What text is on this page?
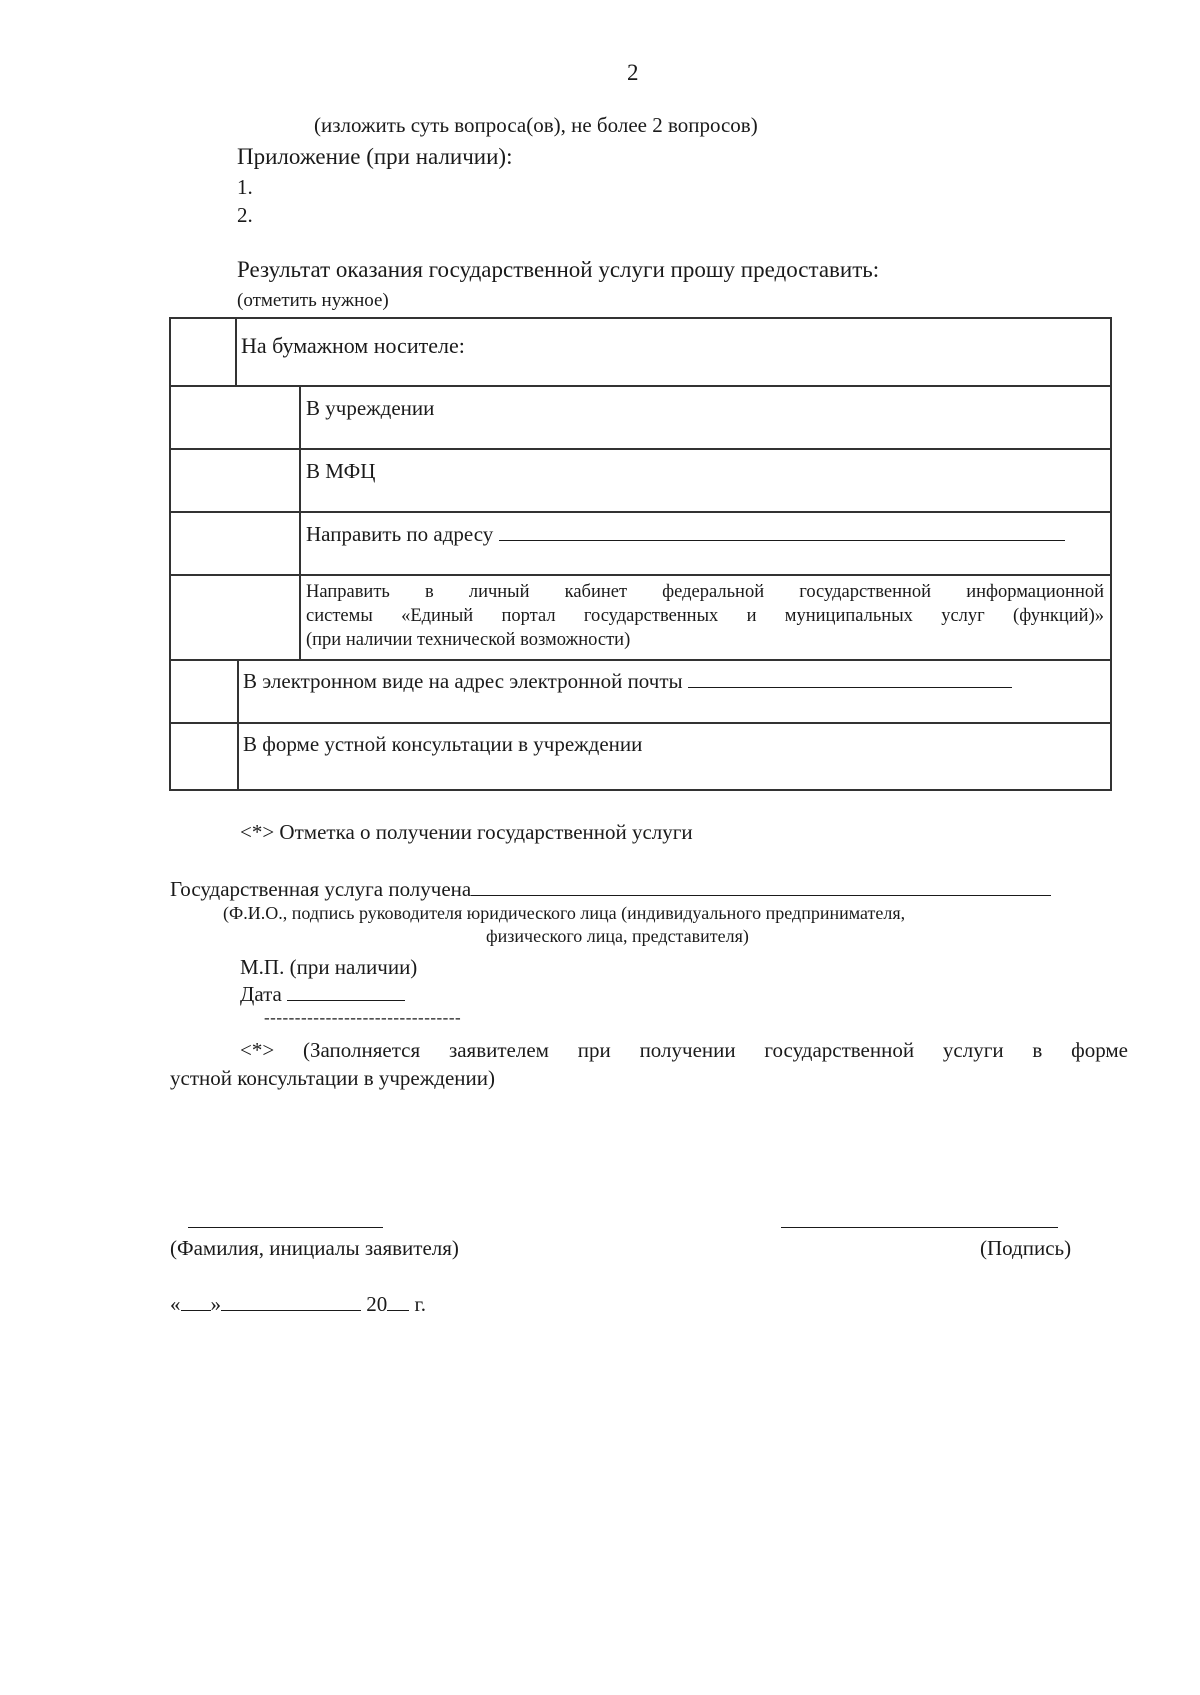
2
(изложить суть вопроса(ов), не более 2 вопросов)
Приложение (при наличии):
1.
2.
Результат оказания государственной услуги прошу предоставить:
(отметить нужное)
На бумажном носителе:
В учреждении
В МФЦ
Направить по адресу
Направить в личный кабинет федеральной государственной информационной
системы «Единый портал государственных и муниципальных услуг (функций)»
(при наличии технической возможности)
В электронном виде на адрес электронной почты
В форме устной консультации в учреждении
<*> Отметка о получении государственной услуги
Государственная услуга получена
(Ф.И.О., подпись руководителя юридического лица (индивидуального предпринимателя,
физического лица, представителя)
М.П. (при наличии)
Дата
--------------------------------
<*> (Заполняется заявителем при получении государственной услуги в форме
устной консультации в учреждении)
(Фамилия, инициалы заявителя)	(Подпись)
« »	20 г.
